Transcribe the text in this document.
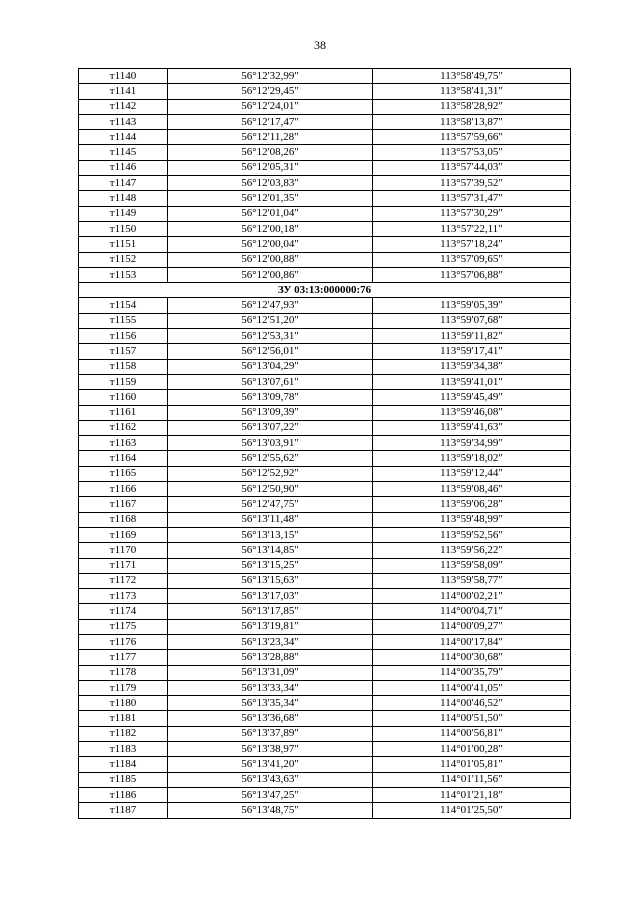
38
т1140	56°12'32,99"	113°58'49,75"
т1141	56°12'29,45"	113°58'41,31"
т1142	56°12'24,01"	113°58'28,92"
т1143	56°12'17,47"	113°58'13,87"
т1144	56°12'11,28"	113°57'59,66"
т1145	56°12'08,26"	113°57'53,05"
т1146	56°12'05,31"	113°57'44,03"
т1147	56°12'03,83"	113°57'39,52"
т1148	56°12'01,35"	113°57'31,47"
т1149	56°12'01,04"	113°57'30,29"
т1150	56°12'00,18"	113°57'22,11"
т1151	56°12'00,04"	113°57'18,24"
т1152	56°12'00,88"	113°57'09,65"
т1153	56°12'00,86"	113°57'06,88"
ЗУ 03:13:000000:76		
т1154	56°12'47,93"	113°59'05,39"
т1155	56°12'51,20"	113°59'07,68"
т1156	56°12'53,31"	113°59'11,82"
т1157	56°12'56,01"	113°59'17,41"
т1158	56°13'04,29"	113°59'34,38"
т1159	56°13'07,61"	113°59'41,01"
т1160	56°13'09,78"	113°59'45,49"
т1161	56°13'09,39"	113°59'46,08"
т1162	56°13'07,22"	113°59'41,63"
т1163	56°13'03,91"	113°59'34,99"
т1164	56°12'55,62"	113°59'18,02"
т1165	56°12'52,92"	113°59'12,44"
т1166	56°12'50,90"	113°59'08,46"
т1167	56°12'47,75"	113°59'06,28"
т1168	56°13'11,48"	113°59'48,99"
т1169	56°13'13,15"	113°59'52,56"
т1170	56°13'14,85"	113°59'56,22"
т1171	56°13'15,25"	113°59'58,09"
т1172	56°13'15,63"	113°59'58,77"
т1173	56°13'17,03"	114°00'02,21"
т1174	56°13'17,85"	114°00'04,71"
т1175	56°13'19,81"	114°00'09,27"
т1176	56°13'23,34"	114°00'17,84"
т1177	56°13'28,88"	114°00'30,68"
т1178	56°13'31,09"	114°00'35,79"
т1179	56°13'33,34"	114°00'41,05"
т1180	56°13'35,34"	114°00'46,52"
т1181	56°13'36,68"	114°00'51,50"
т1182	56°13'37,89"	114°00'56,81"
т1183	56°13'38,97"	114°01'00,28"
т1184	56°13'41,20"	114°01'05,81"
т1185	56°13'43,63"	114°01'11,56"
т1186	56°13'47,25"	114°01'21,18"
т1187	56°13'48,75"	114°01'25,50"
